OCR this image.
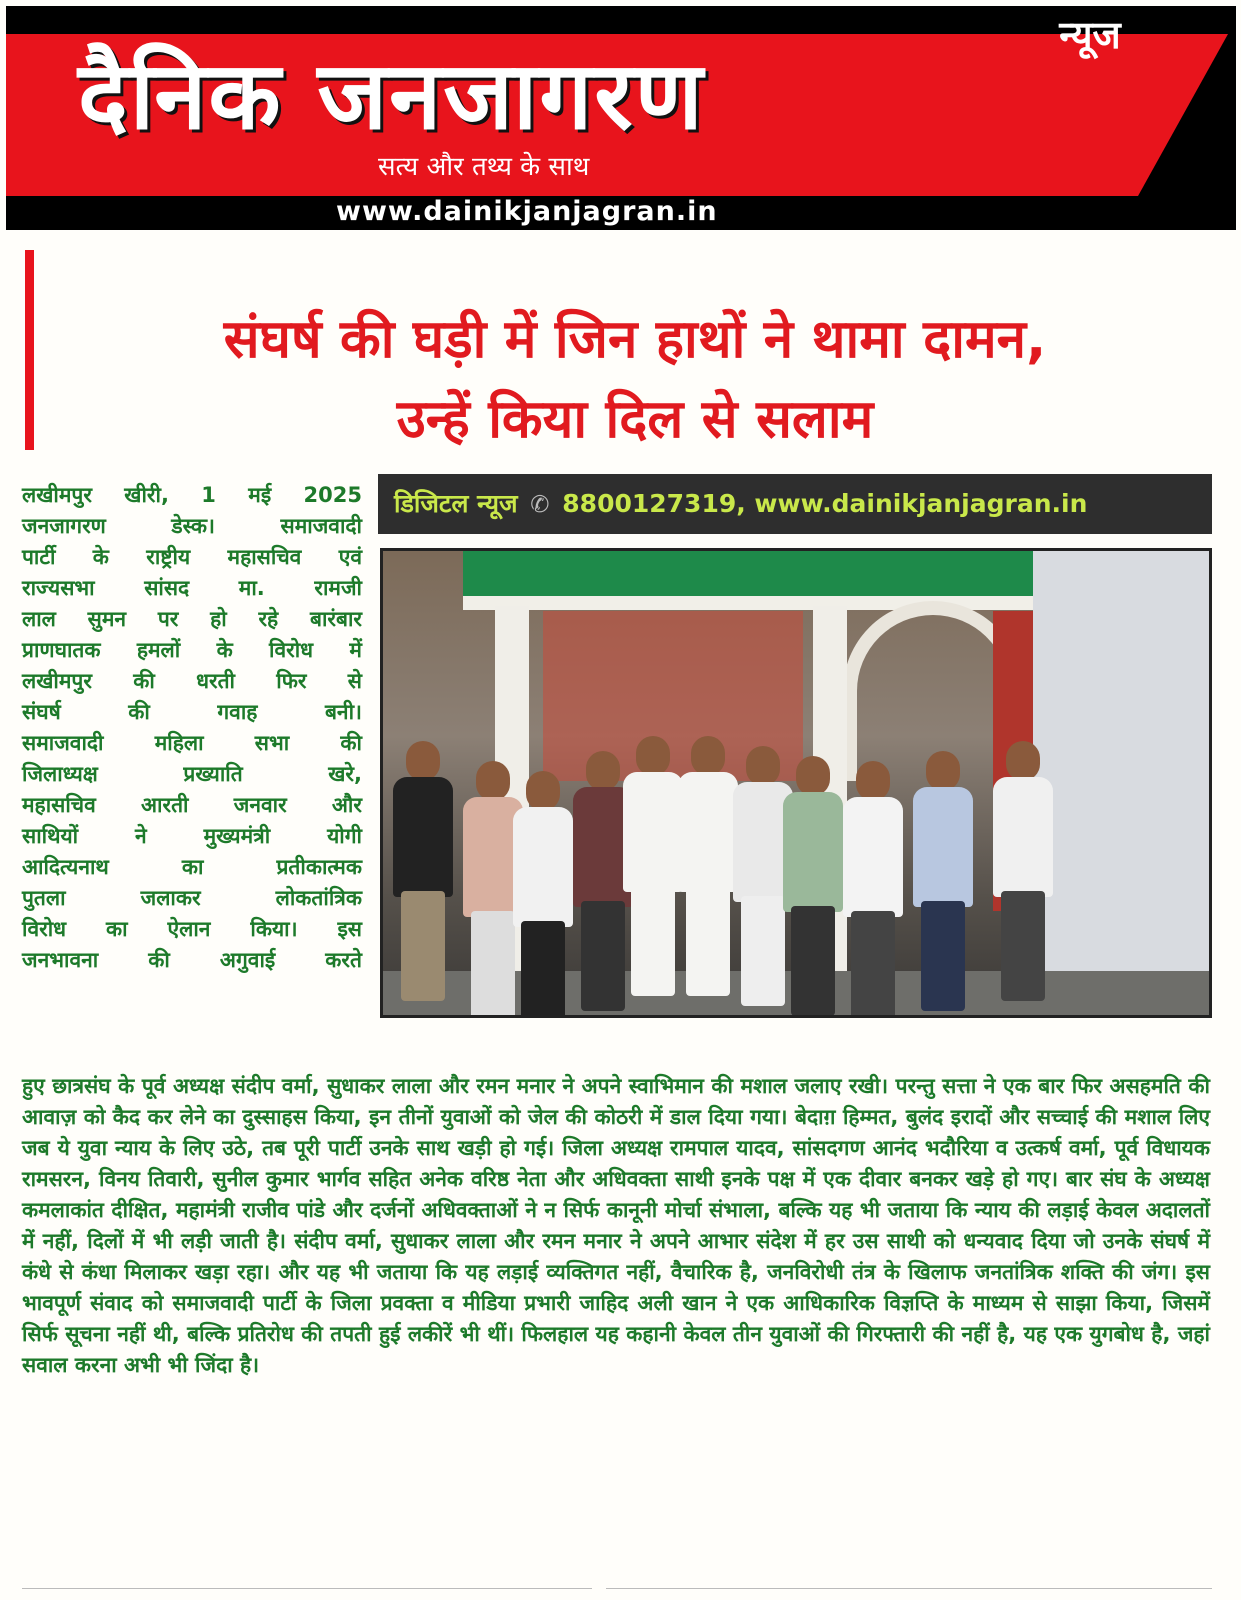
न्यूज
दैनिक जनजागरण
सत्य और तथ्य के साथ
www.dainikjanjagran.in
संघर्ष की घड़ी में जिन हाथों ने थामा दामन,
उन्हें किया दिल से सलाम
लखीमपुर खीरी, 1 मई 2025
जनजागरण डेस्क। समाजवादी
पार्टी के राष्ट्रीय महासचिव एवं
राज्यसभा सांसद मा. रामजी
लाल सुमन पर हो रहे बारंबार
प्राणघातक हमलों के विरोध में
लखीमपुर की धरती फिर से
संघर्ष की गवाह बनी।
समाजवादी महिला सभा की
जिलाध्यक्ष प्रख्याति खरे,
महासचिव आरती जनवार और
साथियों ने मुख्यमंत्री योगी
आदित्यनाथ का प्रतीकात्मक
पुतला जलाकर लोकतांत्रिक
विरोध का ऐलान किया। इस
जनभावना की अगुवाई करते
डिजिटल न्यूज ✆ 8800127319, www.dainikjanjagran.in
हुए छात्रसंघ के पूर्व अध्यक्ष संदीप वर्मा, सुधाकर लाला और रमन मनार ने अपने स्वाभिमान की मशाल जलाए रखी। परन्तु सत्ता ने एक बार फिर असहमति की आवाज़ को कैद कर लेने का दुस्साहस किया, इन तीनों युवाओं को जेल की कोठरी में डाल दिया गया। बेदाग़ हिम्मत, बुलंद इरादों और सच्चाई की मशाल लिए जब ये युवा न्याय के लिए उठे, तब पूरी पार्टी उनके साथ खड़ी हो गई। जिला अध्यक्ष रामपाल यादव, सांसदगण आनंद भदौरिया व उत्कर्ष वर्मा, पूर्व विधायक रामसरन, विनय तिवारी, सुनील कुमार भार्गव सहित अनेक वरिष्ठ नेता और अधिवक्ता साथी इनके पक्ष में एक दीवार बनकर खड़े हो गए। बार संघ के अध्यक्ष कमलाकांत दीक्षित, महामंत्री राजीव पांडे और दर्जनों अधिवक्ताओं ने न सिर्फ कानूनी मोर्चा संभाला, बल्कि यह भी जताया कि न्याय की लड़ाई केवल अदालतों में नहीं, दिलों में भी लड़ी जाती है। संदीप वर्मा, सुधाकर लाला और रमन मनार ने अपने आभार संदेश में हर उस साथी को धन्यवाद दिया जो उनके संघर्ष में कंधे से कंधा मिलाकर खड़ा रहा। और यह भी जताया कि यह लड़ाई व्यक्तिगत नहीं, वैचारिक है, जनविरोधी तंत्र के खिलाफ जनतांत्रिक शक्ति की जंग। इस भावपूर्ण संवाद को समाजवादी पार्टी के जिला प्रवक्ता व मीडिया प्रभारी जाहिद अली खान ने एक आधिकारिक विज्ञप्ति के माध्यम से साझा किया, जिसमें सिर्फ सूचना नहीं थी, बल्कि प्रतिरोध की तपती हुई लकीरें भी थीं। फिलहाल यह कहानी केवल तीन युवाओं की गिरफ्तारी की नहीं है, यह एक युगबोध है, जहां सवाल करना अभी भी जिंदा है।
